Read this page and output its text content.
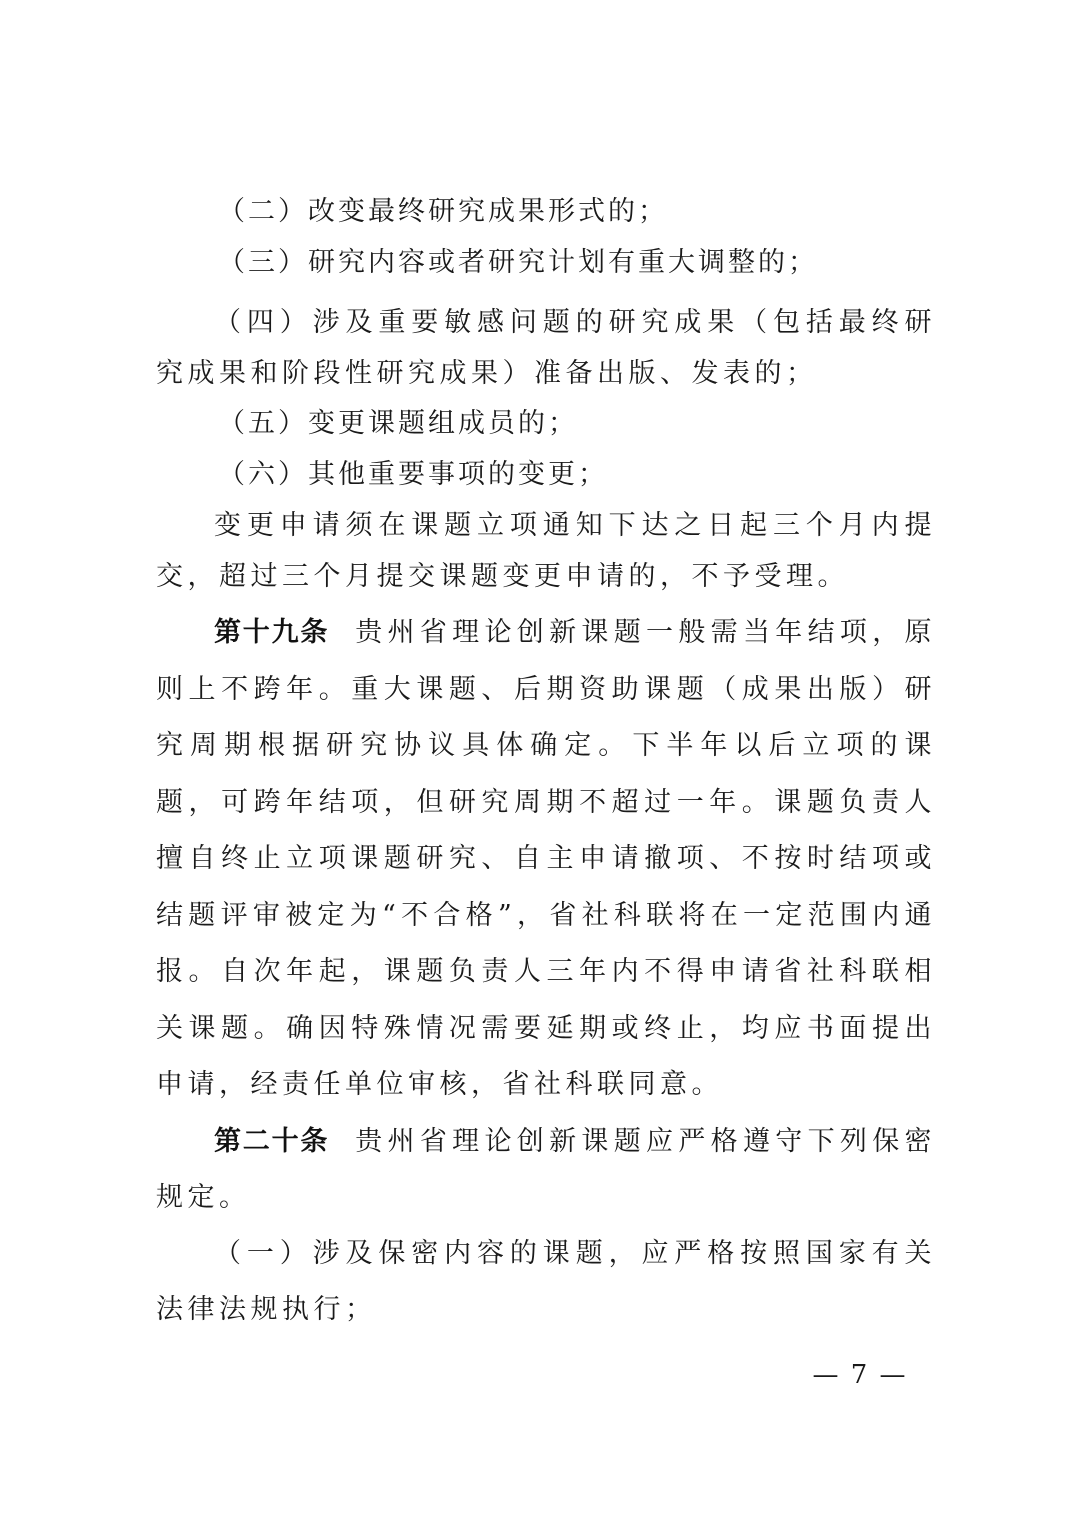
（二）改变最终研究成果形式的；

（三）研究内容或者研究计划有重大调整的；

（四）涉及重要敏感问题的研究成果（包括最终研究成果和阶段性研究成果）准备出版、发表的；

（五）变更课题组成员的；

（六）其他重要事项的变更；

变更申请须在课题立项通知下达之日起三个月内提交，超过三个月提交课题变更申请的，不予受理。

第十九条 贵州省理论创新课题一般需当年结项，原则上不跨年。重大课题、后期资助课题（成果出版）研究周期根据研究协议具体确定。下半年以后立项的课题，可跨年结项，但研究周期不超过一年。课题负责人擅自终止立项课题研究、自主申请撤项、不按时结项或结题评审被定为“不合格”，省社科联将在一定范围内通报。自次年起，课题负责人三年内不得申请省社科联相关课题。确因特殊情况需要延期或终止，均应书面提出申请，经责任单位审核，省社科联同意。

第二十条 贵州省理论创新课题应严格遵守下列保密规定。

（一）涉及保密内容的课题，应严格按照国家有关法律法规执行；

— 7 —
